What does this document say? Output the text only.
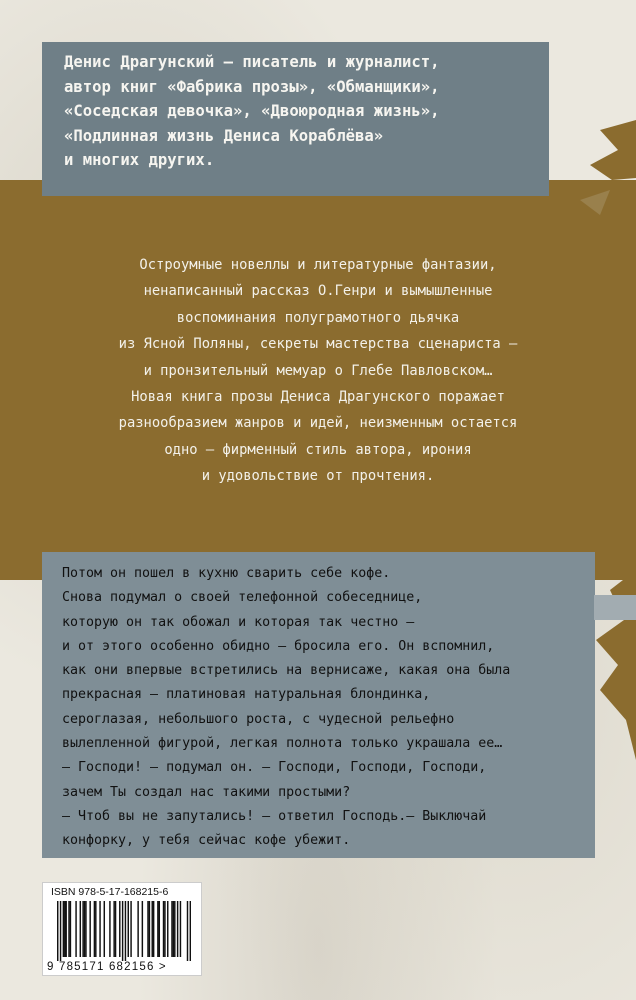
Денис Драгунский — писатель и журналист,
автор книг «Фабрика прозы», «Обманщики»,
«Соседская девочка», «Двоюродная жизнь»,
«Подлинная жизнь Дениса Кораблёва»
и многих других.
Остроумные новеллы и литературные фантазии,
ненаписанный рассказ О.Генри и вымышленные
воспоминания полуграмотного дьячка
из Ясной Поляны, секреты мастерства сценариста —
и пронзительный мемуар о Глебе Павловском…
Новая книга прозы Дениса Драгунского поражает
разнообразием жанров и идей, неизменным остается
одно — фирменный стиль автора, ирония
и удовольствие от прочтения.
Потом он пошел в кухню сварить себе кофе.
Снова подумал о своей телефонной собеседнице,
которую он так обожал и которая так честно —
и от этого особенно обидно — бросила его. Он вспомнил,
как они впервые встретились на вернисаже, какая она была
прекрасная — платиновая натуральная блондинка,
сероглазая, небольшого роста, с чудесной рельефно
вылепленной фигурой, легкая полнота только украшала ее…
— Господи! — подумал он. — Господи, Господи, Господи,
зачем Ты создал нас такими простыми?
— Чтоб вы не запутались! — ответил Господь.— Выключай
конфорку, у тебя сейчас кофе убежит.
ISBN 978-5-17-168215-6
9 785171 682156 >
